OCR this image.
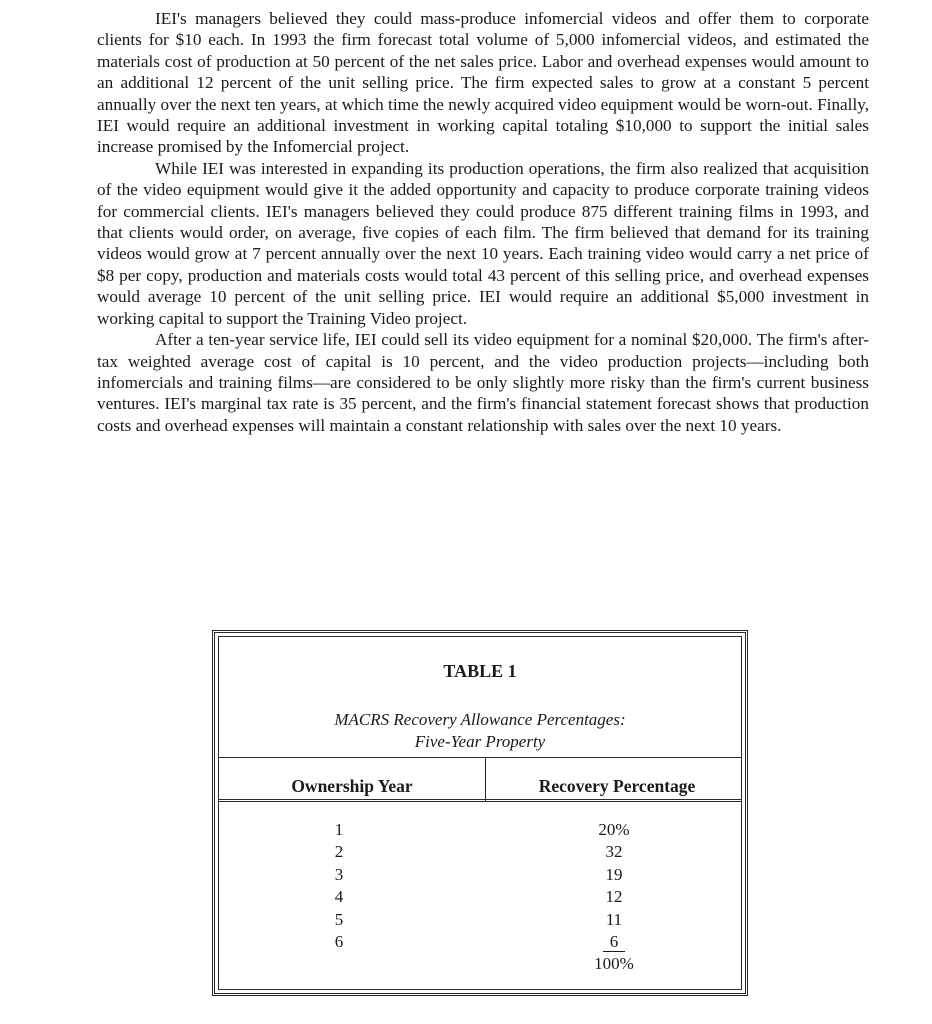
IEI's managers believed they could mass-produce infomercial videos and offer them to corporate clients for $10 each. In 1993 the firm forecast total volume of 5,000 infomercial videos, and estimated the materials cost of production at 50 percent of the net sales price. Labor and overhead expenses would amount to an additional 12 percent of the unit selling price. The firm expected sales to grow at a constant 5 percent annually over the next ten years, at which time the newly acquired video equipment would be worn-out. Finally, IEI would require an additional investment in working capital totaling $10,000 to support the initial sales increase promised by the Infomercial project.

While IEI was interested in expanding its production operations, the firm also realized that acquisition of the video equipment would give it the added opportunity and capacity to produce corporate training videos for commercial clients. IEI's managers believed they could produce 875 different training films in 1993, and that clients would order, on average, five copies of each film. The firm believed that demand for its training videos would grow at 7 percent annually over the next 10 years. Each training video would carry a net price of $8 per copy, production and materials costs would total 43 percent of this selling price, and overhead expenses would average 10 percent of the unit selling price. IEI would require an additional $5,000 investment in working capital to support the Training Video project.

After a ten-year service life, IEI could sell its video equipment for a nominal $20,000. The firm's after-tax weighted average cost of capital is 10 percent, and the video production projects—including both infomercials and training films—are considered to be only slightly more risky than the firm's current business ventures. IEI's marginal tax rate is 35 percent, and the firm's financial statement forecast shows that production costs and overhead expenses will maintain a constant relationship with sales over the next 10 years.

TABLE 1
MACRS Recovery Allowance Percentages:
Five-Year Property
Ownership Year	Recovery Percentage
1
2
3
4
5
6
20%
32
19
12
11
6
100%
